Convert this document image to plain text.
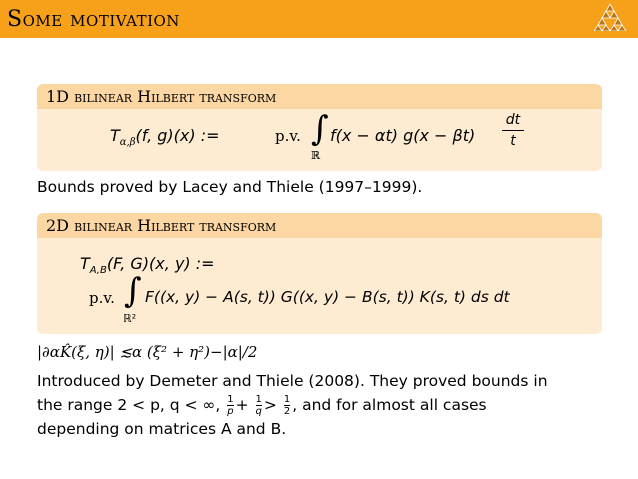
Some motivation
1D bilinear Hilbert transform
$T_{\alpha,\beta}(f$, g)(x) :=	p.v. ∫
ℝ
f(x − αt) g(x − βt)
dt
t
Bounds proved by Lacey and Thiele (1997–1999).
2D bilinear Hilbert transform
$T_{A,B}(F$, G)(x, y) :=
p.v. ∫
ℝ²
F((x, y) − A(s, t)) G((x, y) − B(s, t)) K(s, t) ds dt
|∂αK̂(ξ, η)| ≲α (ξ² + η²)−|α|/2
Introduced by Demeter and Thiele (2008). They proved bounds in
the range 2 < p, q < ∞, $\frac{1}{p} + \frac{1}{q} > \frac{1}{2}$ , and for almost all cases
depending on matrices A and B.
